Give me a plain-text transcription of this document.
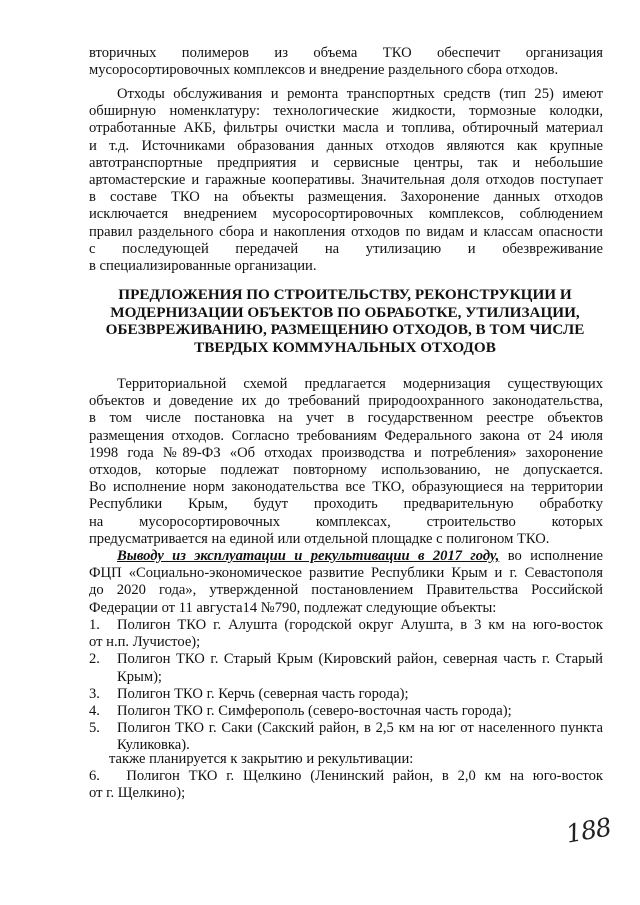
вторичных полимеров из объема ТКО обеспечит организация
мусоросортировочных комплексов и внедрение раздельного сбора отходов.
Отходы обслуживания и ремонта транспортных средств (тип 25) имеют
обширную номенклатуру: технологические жидкости, тормозные колодки,
отработанные АКБ, фильтры очистки масла и топлива, обтирочный материал
и т.д. Источниками образования данных отходов являются как крупные
автотранспортные предприятия и сервисные центры, так и небольшие
автомастерские и гаражные кооперативы. Значительная доля отходов поступает
в составе ТКО на объекты размещения. Захоронение данных отходов
исключается внедрением мусоросортировочных комплексов, соблюдением
правил раздельного сбора и накопления отходов по видам и классам опасности
с последующей передачей на утилизацию и обезвреживание
в специализированные организации.
ПРЕДЛОЖЕНИЯ ПО СТРОИТЕЛЬСТВУ, РЕКОНСТРУКЦИИ И
МОДЕРНИЗАЦИИ ОБЪЕКТОВ ПО ОБРАБОТКЕ, УТИЛИЗАЦИИ,
ОБЕЗВРЕЖИВАНИЮ, РАЗМЕЩЕНИЮ ОТХОДОВ, В ТОМ ЧИСЛЕ
ТВЕРДЫХ КОММУНАЛЬНЫХ ОТХОДОВ
Территориальной схемой предлагается модернизация существующих
объектов и доведение их до требований природоохранного законодательства,
в том числе постановка на учет в государственном реестре объектов
размещения отходов. Согласно требованиям Федерального закона от 24 июля
1998 года №89-ФЗ «Об отходах производства и потребления» захоронение
отходов, которые подлежат повторному использованию, не допускается.
Во исполнение норм законодательства все ТКО, образующиеся на территории
Республики Крым, будут проходить предварительную обработку
на мусоросортировочных комплексах, строительство которых
предусматривается на единой или отдельной площадке с полигоном ТКО.
Выводу из эксплуатации и рекультивации в 2017 году, во исполнение
ФЦП «Социально-экономическое развитие Республики Крым и г. Севастополя
до 2020 года», утвержденной постановлением Правительства Российской
Федерации от 11 августа14 №790, подлежат следующие объекты:
1. Полигон ТКО г. Алушта (городской округ Алушта, в 3 км на юго-восток
от н.п. Лучистое);
2. Полигон ТКО г. Старый Крым (Кировский район, северная часть г. Старый
Крым);
3. Полигон ТКО г. Керчь (северная часть города);
4. Полигон ТКО г. Симферополь (северо-восточная часть города);
5. Полигон ТКО г. Саки (Сакский район, в 2,5 км на юг от населенного пункта
Куликовка).
также планируется к закрытию и рекультивации:
6. Полигон ТКО г. Щелкино (Ленинский район, в 2,0 км на юго-восток
от г. Щелкино);
188
